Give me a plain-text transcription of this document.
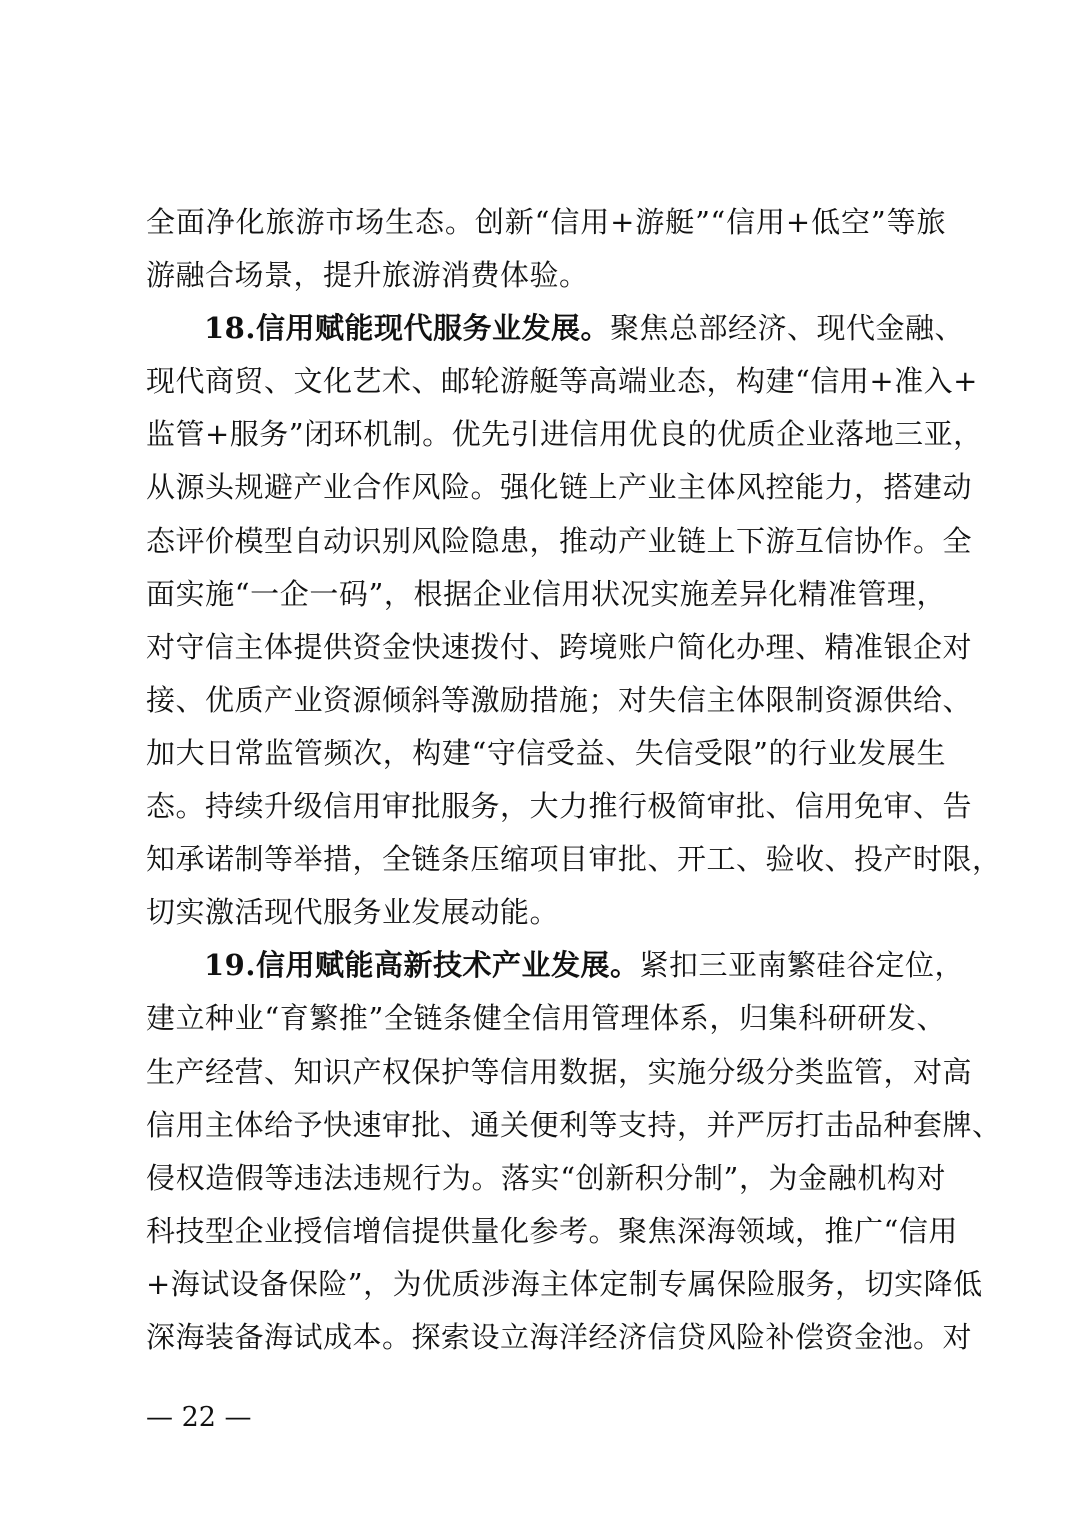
全面净化旅游市场生态。创新“信用+游艇”“信用+低空”等旅
游融合场景，提升旅游消费体验。
18.信用赋能现代服务业发展。聚焦总部经济、现代金融、
现代商贸、文化艺术、邮轮游艇等高端业态，构建“信用+准入+
监管+服务”闭环机制。优先引进信用优良的优质企业落地三亚，
从源头规避产业合作风险。强化链上产业主体风控能力，搭建动
态评价模型自动识别风险隐患，推动产业链上下游互信协作。全
面实施“一企一码”，根据企业信用状况实施差异化精准管理，
对守信主体提供资金快速拨付、跨境账户简化办理、精准银企对
接、优质产业资源倾斜等激励措施；对失信主体限制资源供给、
加大日常监管频次，构建“守信受益、失信受限”的行业发展生
态。持续升级信用审批服务，大力推行极简审批、信用免审、告
知承诺制等举措，全链条压缩项目审批、开工、验收、投产时限，
切实激活现代服务业发展动能。
19.信用赋能高新技术产业发展。紧扣三亚南繁硅谷定位，
建立种业“育繁推”全链条健全信用管理体系，归集科研研发、
生产经营、知识产权保护等信用数据，实施分级分类监管，对高
信用主体给予快速审批、通关便利等支持，并严厉打击品种套牌、
侵权造假等违法违规行为。落实“创新积分制”，为金融机构对
科技型企业授信增信提供量化参考。聚焦深海领域，推广“信用
+海试设备保险”，为优质涉海主体定制专属保险服务，切实降低
深海装备海试成本。探索设立海洋经济信贷风险补偿资金池。对
— 22 —
